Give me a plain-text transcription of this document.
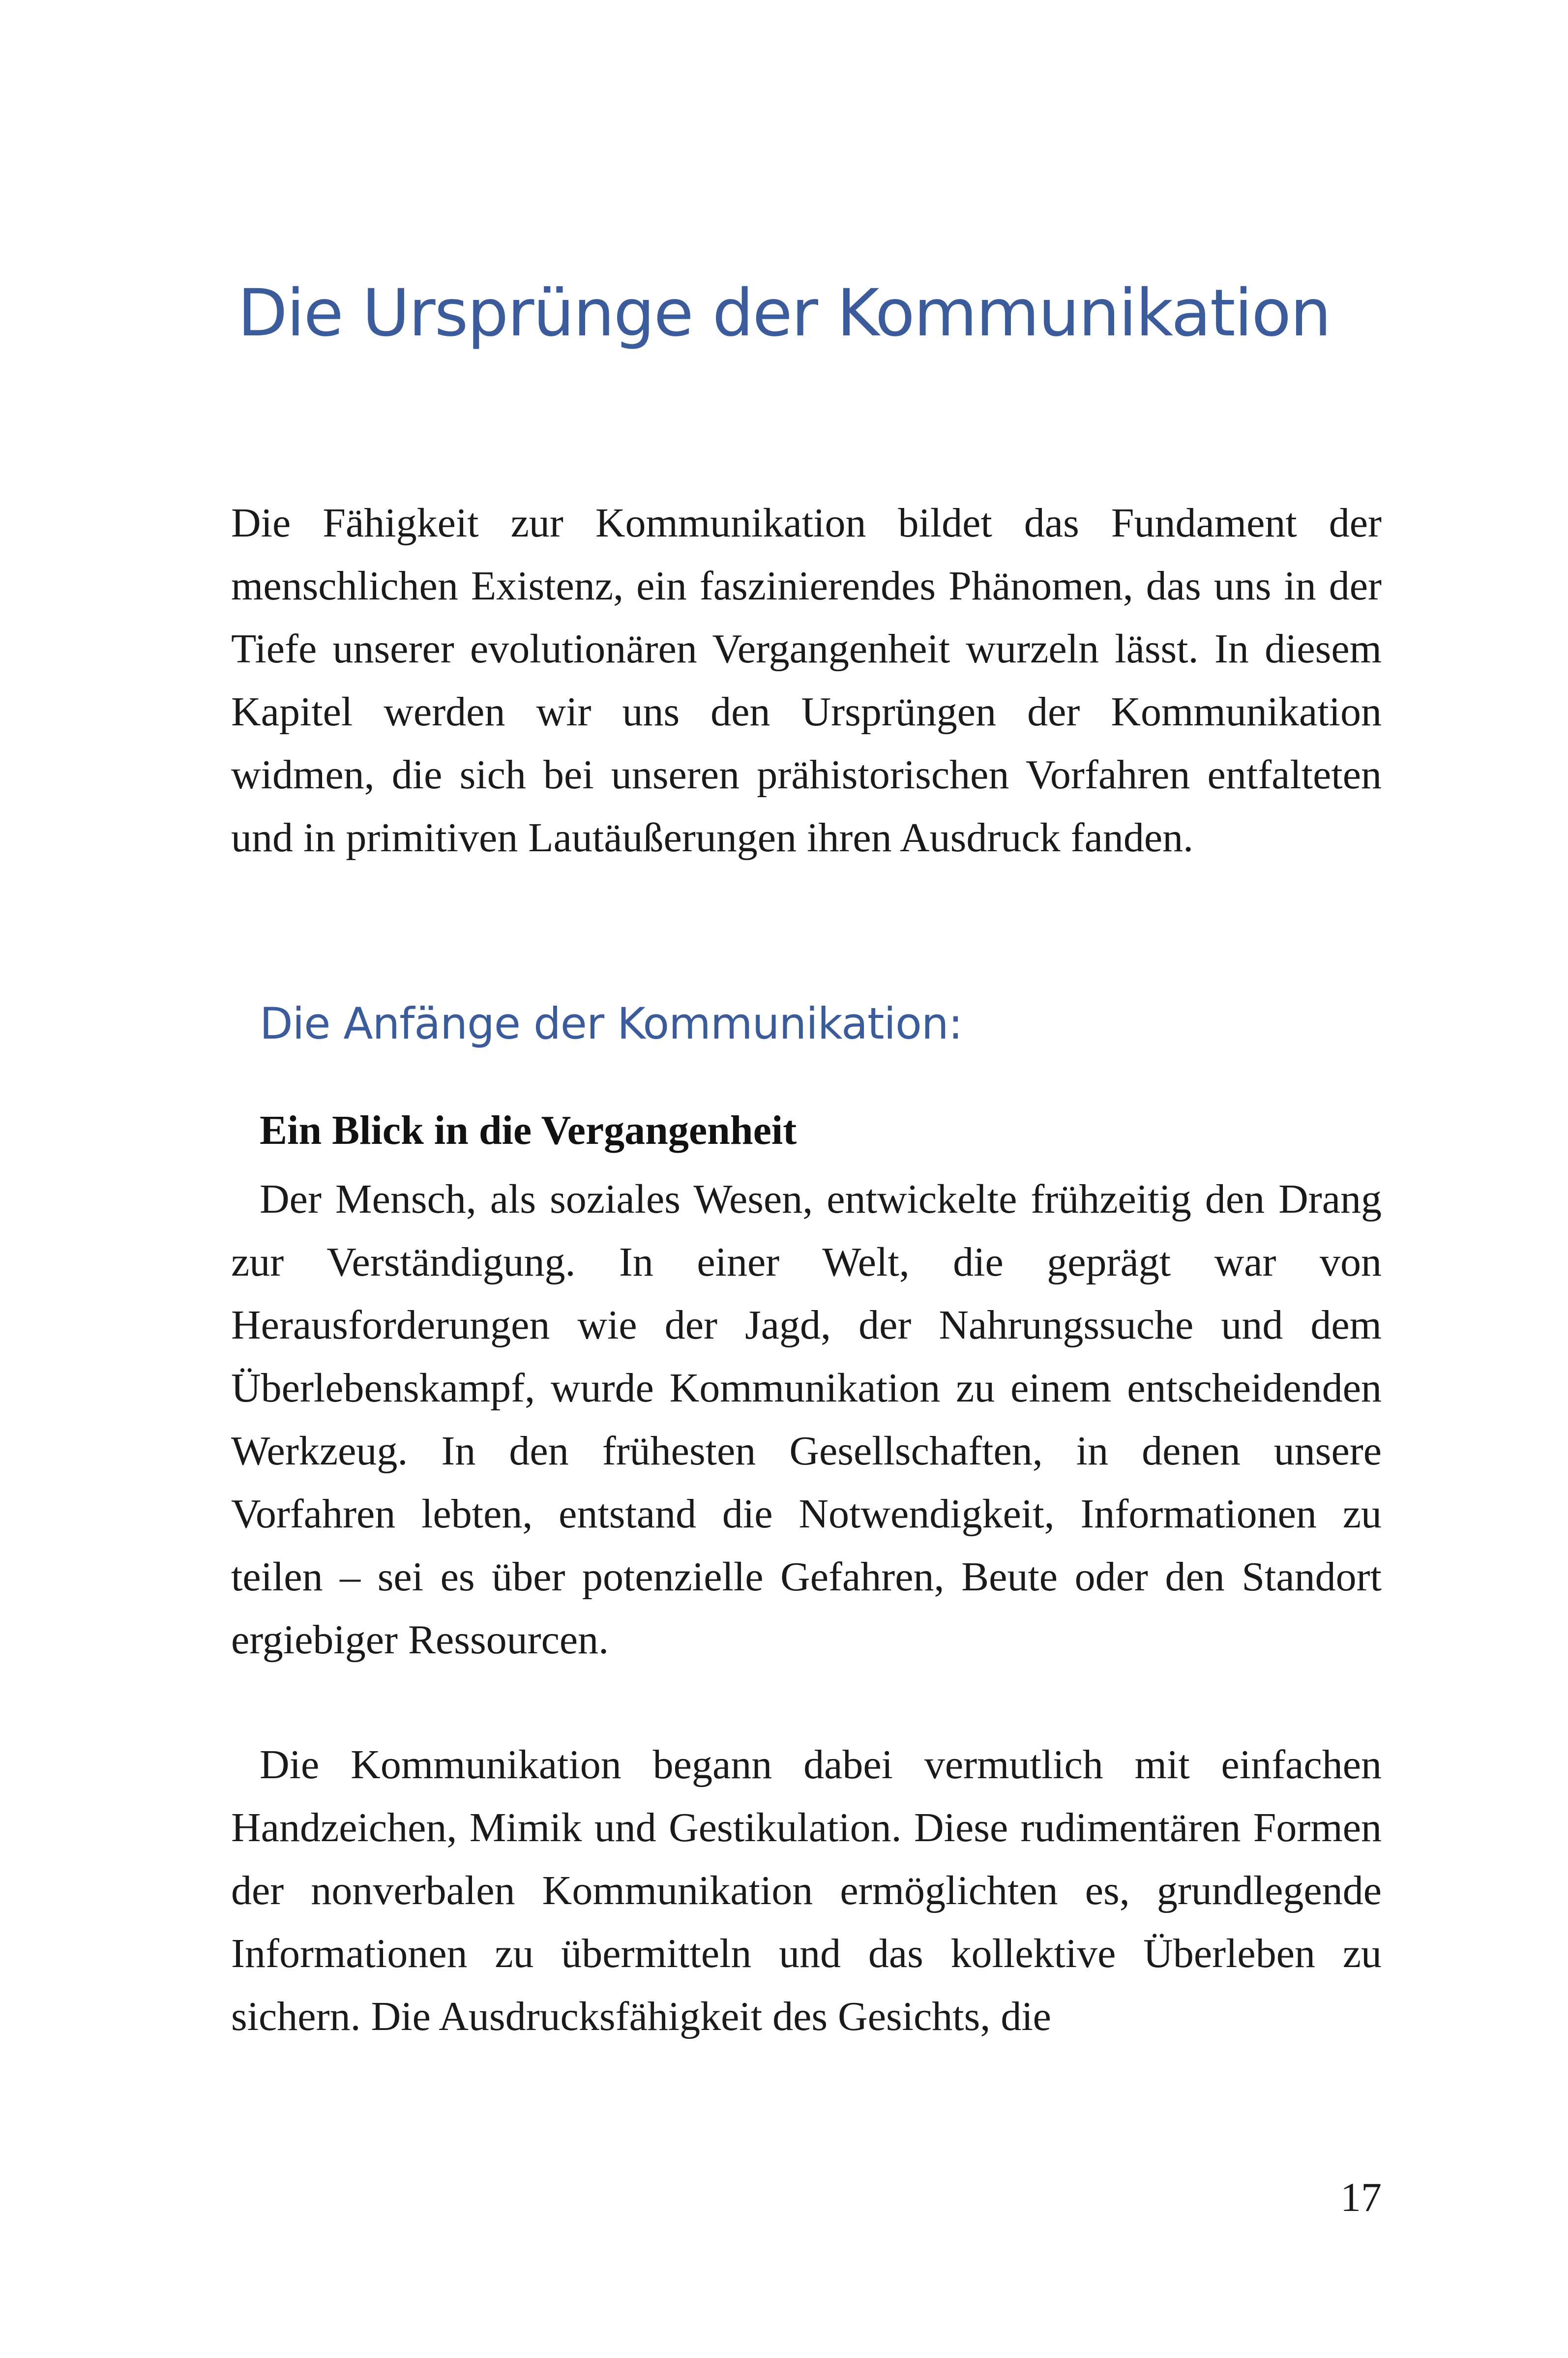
Die Ursprünge der Kommunikation

Die Fähigkeit zur Kommunikation bildet das Fundament der menschlichen Existenz, ein faszinierendes Phänomen, das uns in der Tiefe unserer evolutionären Vergangenheit wurzeln lässt. In diesem Kapitel werden wir uns den Ursprüngen der Kommunikation widmen, die sich bei unseren prähistorischen Vorfahren entfalteten und in primitiven Lautäußerungen ihren Ausdruck fanden.

Die Anfänge der Kommunikation:
Ein Blick in die Vergangenheit

Der Mensch, als soziales Wesen, entwickelte frühzeitig den Drang zur Verständigung. In einer Welt, die geprägt war von Herausforderungen wie der Jagd, der Nahrungssuche und dem Überlebenskampf, wurde Kommunikation zu einem entscheidenden Werkzeug. In den frühesten Gesellschaften, in denen unsere Vorfahren lebten, entstand die Notwendigkeit, Informationen zu teilen – sei es über potenzielle Gefahren, Beute oder den Standort ergiebiger Ressourcen.

Die Kommunikation begann dabei vermutlich mit einfachen Handzeichen, Mimik und Gestikulation. Diese rudimentären Formen der nonverbalen Kommunikation ermöglichten es, grundlegende Informationen zu übermitteln und das kollektive Überleben zu sichern. Die Ausdrucksfähigkeit des Gesichts, die

17
